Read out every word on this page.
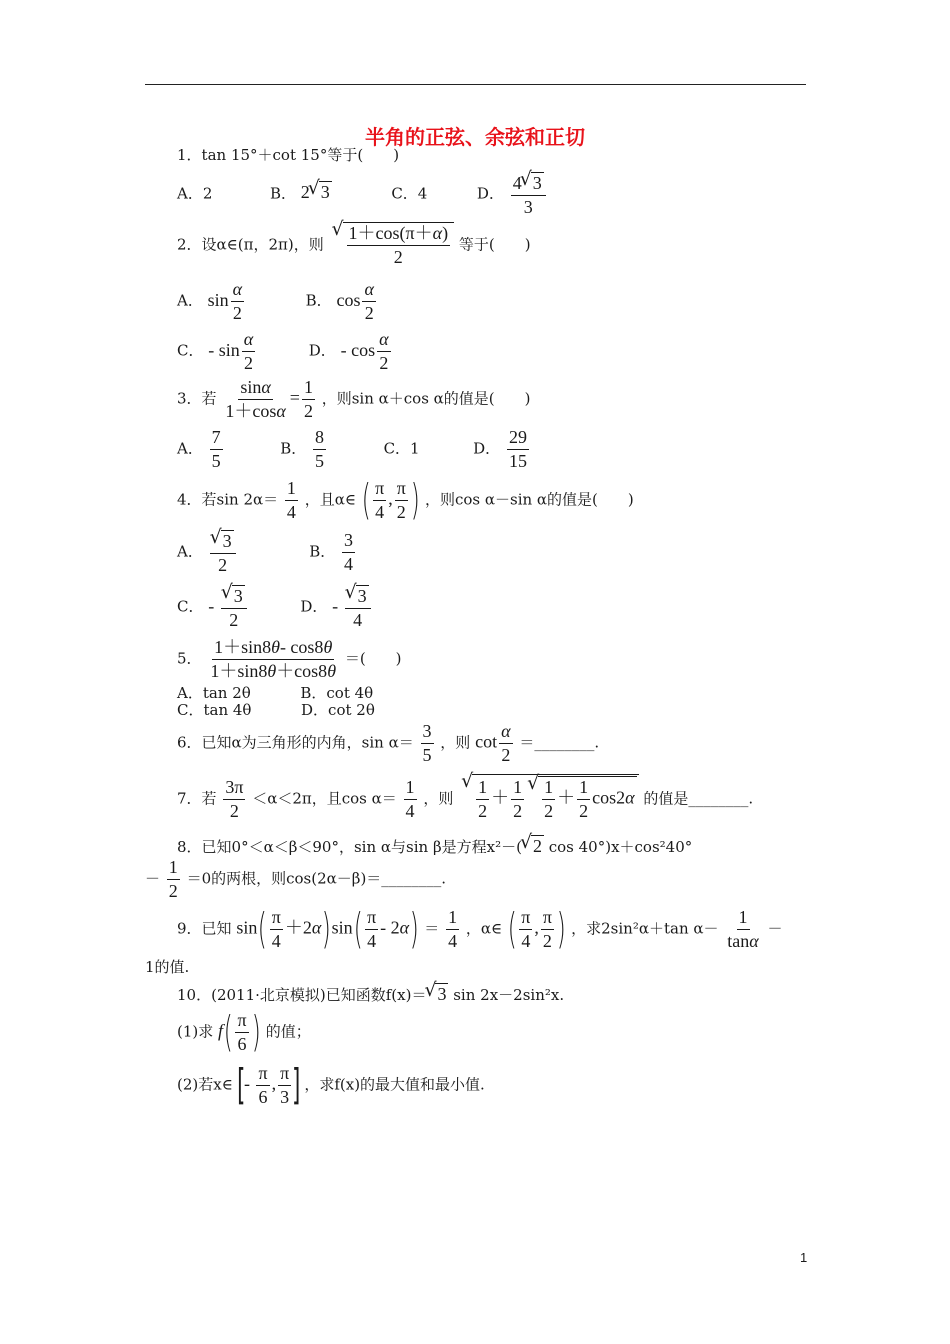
半角的正弦、余弦和正切
1．tan 15°＋cot 15°等于(　　)
A．2	B． 2 √ 3	C．4	D． $\frac{4 √ 3}{3}$
2．设α∈(π，2π)，则 √ $\frac{1+\cos(\pi+\alpha)}{2}$ 等于(　　)
A． $\sin \frac{\alpha}{2}$	B． $\cos \frac{\alpha}{2}$
C． - $\sin \frac{\alpha}{2}$	D． - $\cos \frac{\alpha}{2}$
3．若 $\frac{\sin\alpha}{1+\cos\alpha} = \frac{1}{2}$ ，则sin α＋cos α的值是(　　)
A． $\frac{7}{5}$	B． $\frac{8}{5}$	C．1	D． $\frac{29}{15}$
4．若$\sin 2\alpha= \frac{1}{4}$ ，且α∈ ( $\frac{\pi}{4}$ , $\frac{\pi}{2}$ ) ，则cos α－sin α的值是(　　)
A． √ $\frac{3}{2}$	B． $\frac{3}{4}$
C． - √ $\frac{3}{2}$	D． - √ $\frac{3}{4}$
5． $\frac{1+\sin 8\theta- \cos 8\theta}{1+\sin 8\theta+\cos 8\theta}$ ＝(　　)
A．tan 2θ	B．cot 4θ
C．tan 4θ	D．cot 2θ
6．已知α为三角形的内角，$\sin \alpha= \frac{3}{5}$ ，则 $\cot \frac{\alpha}{2}$ ＝________.
7．若 $\frac{3\pi}{2} <\alpha<2\pi$，且$\cos \alpha= \frac{1}{4}$ ，则 √ $\frac{1}{2} + \frac{1}{2}$ √ $\frac{1}{2} + \frac{1}{2} \cos 2\alpha$ 的值是________.
8．已知0°＜α＜β＜90°，sin α与sin β是方程x²－( √ 2 cos 40°)x＋cos²40°
－ $\frac{1}{2} =0$的两根，则cos(2α－β)＝________.
9．已知 $\sin( \frac{\pi}{4} +2\alpha)\sin( \frac{\pi}{4} - 2\alpha) = \frac{1}{4}$ ，α∈ ( $\frac{\pi}{4}$ , $\frac{\pi}{2}$ ) ，求2sin²α＋tan $\alpha- \frac{1}{\tan\alpha}$ －
1的值.
10．(2011·北京模拟)已知函数f(x)＝ √ 3 sin 2x－2sin²x.
(1)求 $f( \frac{\pi}{6}$ ) 的值；
(2)若x∈ [- $\frac{\pi}{6}$ , $\frac{\pi}{3}$ ] ，求f(x)的最大值和最小值.
1
